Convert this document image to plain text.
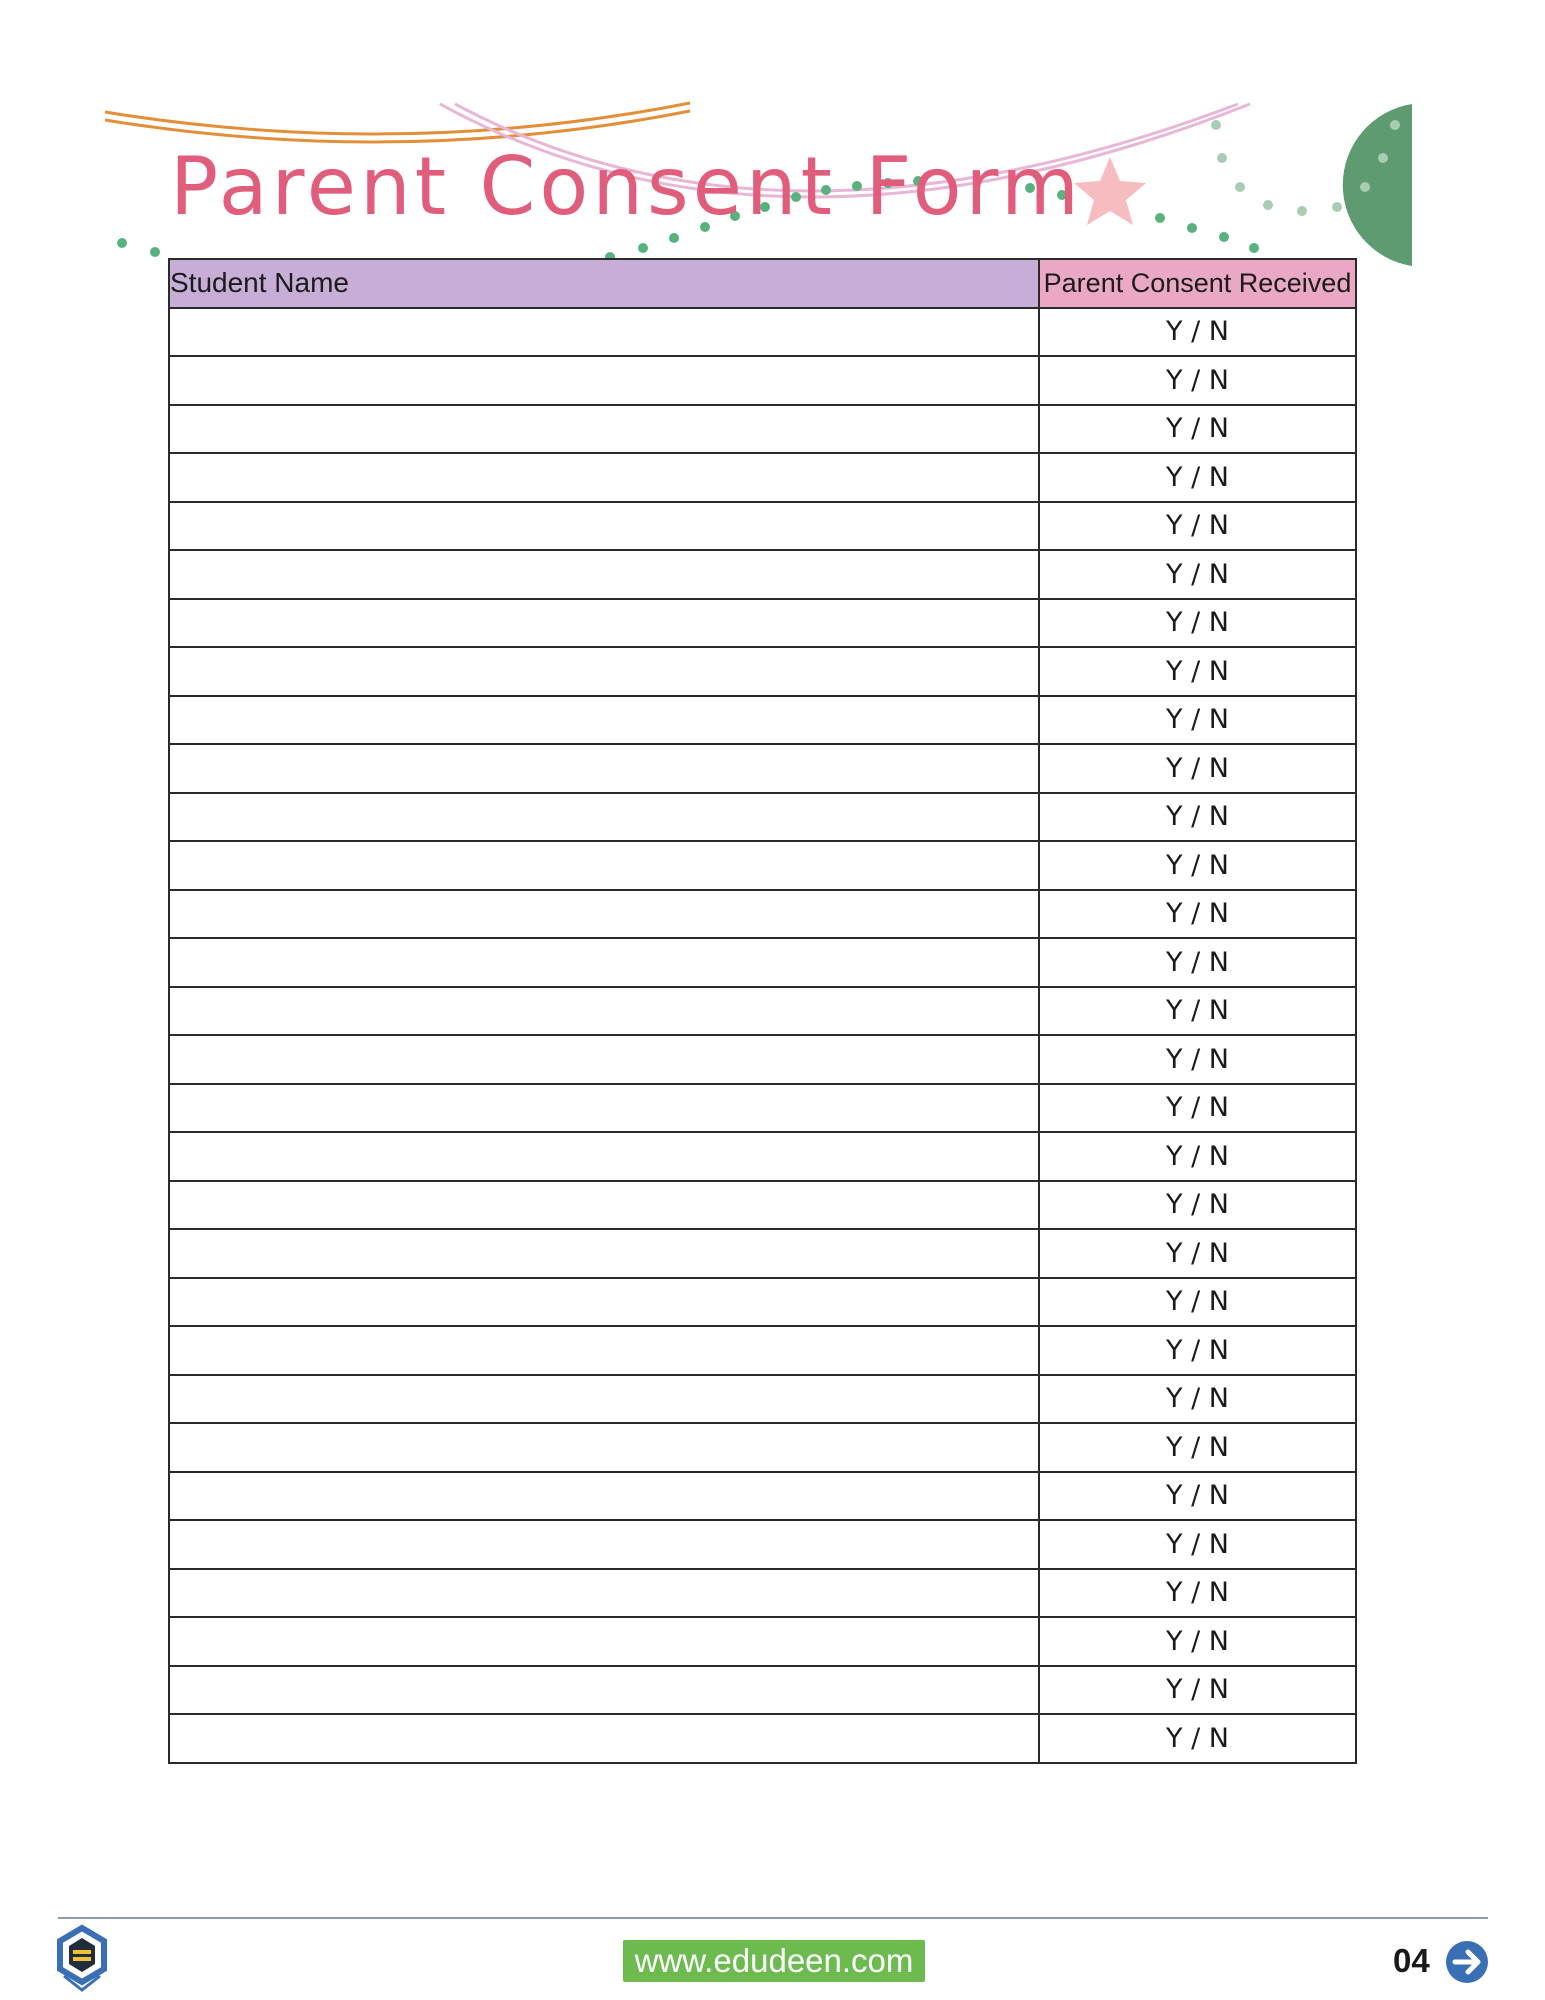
Parent Consent Form
Student Name	Parent Consent Received
	Y / N
	Y / N
	Y / N
	Y / N
	Y / N
	Y / N
	Y / N
	Y / N
	Y / N
	Y / N
	Y / N
	Y / N
	Y / N
	Y / N
	Y / N
	Y / N
	Y / N
	Y / N
	Y / N
	Y / N
	Y / N
	Y / N
	Y / N
	Y / N
	Y / N
	Y / N
	Y / N
	Y / N
	Y / N
	Y / N
www.edudeen.com	04
